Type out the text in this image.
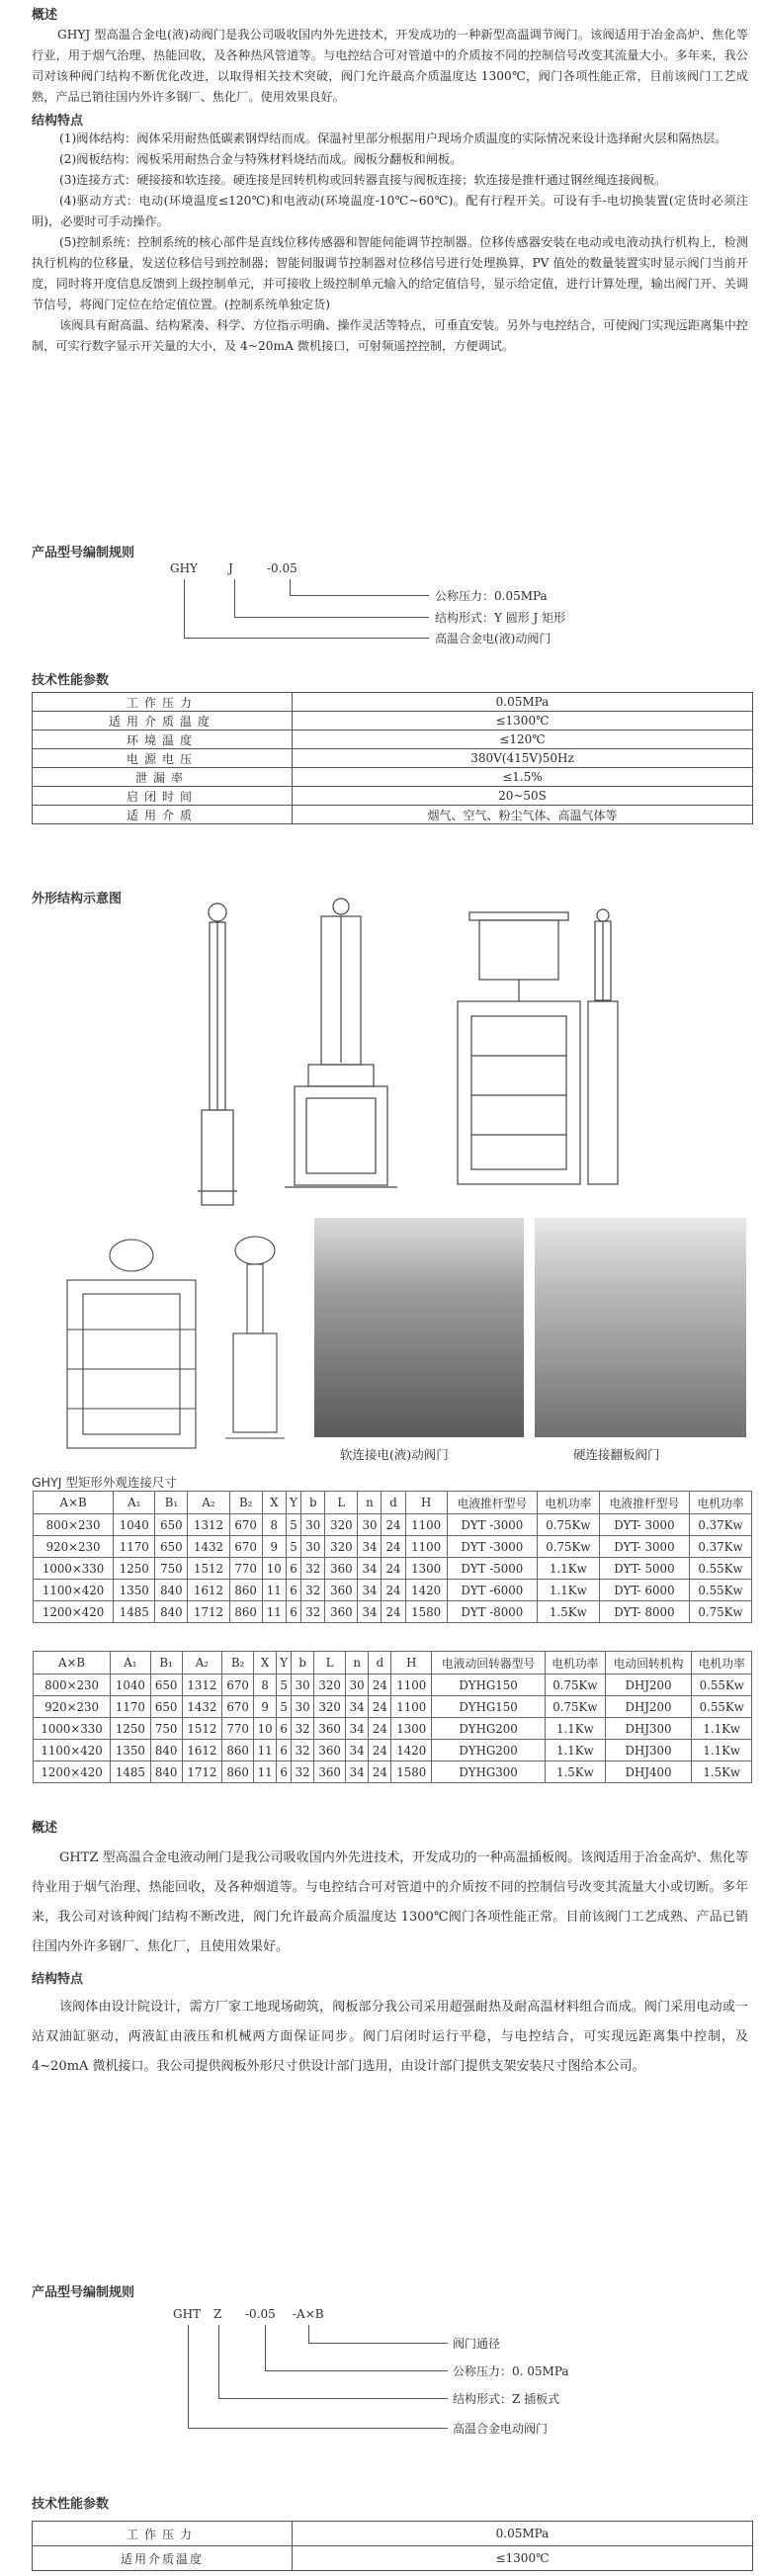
概述

GHYJ 型高温合金电(液)动阀门是我公司吸收国内外先进技术，开发成功的一种新型高温调节阀门。该阀适用于冶金高炉、焦化等行业，用于烟气治理、热能回收，及各种热风管道等。与电控结合可对管道中的介质按不同的控制信号改变其流量大小。多年来，我公司对该种阀门结构不断优化改进，以取得相关技术突破，阀门允许最高介质温度达 1300℃，阀门各项性能正常，目前该阀门工艺成熟，产品已销往国内外许多钢厂、焦化厂。使用效果良好。

结构特点

(1)阀体结构：阀体采用耐热低碳素钢焊结而成。保温衬里部分根据用户现场介质温度的实际情况来设计选择耐火层和隔热层。

(2)阀板结构：阀板采用耐热合金与特殊材料烧结而成。阀板分翻板和闸板。

(3)连接方式：硬接接和软连接。硬连接是回转机构或回转器直接与阀板连接；软连接是推杆通过钢丝绳连接阀板。

(4)驱动方式：电动(环境温度≤120℃)和电液动(环境温度-10℃~60℃)。配有行程开关。可设有手-电切换装置(定货时必须注明)，必要时可手动操作。

(5)控制系统：控制系统的核心部件是直线位移传感器和智能伺能调节控制器。位移传感器安装在电动或电液动执行机构上，检测执行机构的位移量，发送位移信号到控制器；智能伺服调节控制器对位移信号进行处理换算，PV 值处的数量装置实时显示阀门当前开度，同时将开度信息反馈到上级控制单元，并可接收上级控制单元输入的给定值信号，显示给定值，进行计算处理，输出阀门开、关调节信号，将阀门定位在给定值位置。(控制系统单独定货)

该阀具有耐高温、结构紧凑、科学、方位指示明确、操作灵活等特点，可垂直安装。另外与电控结合，可使阀门实现远距离集中控制，可实行数字显示开关量的大小，及 4~20mA 微机接口，可射频遥控控制，方便调试。

产品型号编制规则

GHY	J	-0.05
公称压力：0.05MPa
结构形式：Y 圆形 J 矩形
高温合金电(液)动阀门

技术性能参数

工作压力	0.05MPa
适用介质温度	≤1300℃
环境温度	≤120℃
电源电压	380V(415V)50Hz
泄漏率	≤1.5%
启闭时间	20~50S
适用介质	烟气、空气、粉尘气体、高温气体等

外形结构示意图

软连接电(液)动阀门	硬连接翻板阀门

GHYJ 型矩形外观连接尺寸

A×B	A₁	B₁	A₂	B₂	X	Y	b	L	n	d	H	电液推杆型号	电机功率	电液推杆型号	电机功率
800×230	1040	650	1312	670	8	5	30	320	30	24	1100	DYT -3000	0.75Kw	DYT- 3000	0.37Kw
920×230	1170	650	1432	670	9	5	30	320	34	24	1100	DYT -3000	0.75Kw	DYT- 3000	0.37Kw
1000×330	1250	750	1512	770	10	6	32	360	34	24	1300	DYT -5000	1.1Kw	DYT- 5000	0.55Kw
1100×420	1350	840	1612	860	11	6	32	360	34	24	1420	DYT -6000	1.1Kw	DYT- 6000	0.55Kw
1200×420	1485	840	1712	860	11	6	32	360	34	24	1580	DYT -8000	1.5Kw	DYT- 8000	0.75Kw
A×B	A₁	B₁	A₂	B₂	X	Y	b	L	n	d	H	电液动回转器型号	电机功率	电动回转机构	电机功率
800×230	1040	650	1312	670	8	5	30	320	30	24	1100	DYHG150	0.75Kw	DHJ200	0.55Kw
920×230	1170	650	1432	670	9	5	30	320	34	24	1100	DYHG150	0.75Kw	DHJ200	0.55Kw
1000×330	1250	750	1512	770	10	6	32	360	34	24	1300	DYHG200	1.1Kw	DHJ300	1.1Kw
1100×420	1350	840	1612	860	11	6	32	360	34	24	1420	DYHG200	1.1Kw	DHJ300	1.1Kw
1200×420	1485	840	1712	860	11	6	32	360	34	24	1580	DYHG300	1.5Kw	DHJ400	1.5Kw

概述

GHTZ 型高温合金电液动闸门是我公司吸收国内外先进技术，开发成功的一种高温插板阀。该阀适用于冶金高炉、焦化等待业用于烟气治理、热能回收，及各种烟道等。与电控结合可对管道中的介质按不同的控制信号改变其流量大小或切断。多年来，我公司对该种阀门结构不断改进，阀门允许最高介质温度达 1300℃阀门各项性能正常。目前该阀门工艺成熟、产品已销往国内外许多钢厂、焦化厂，且使用效果好。

结构特点

该阀体由设计院设计，需方厂家工地现场砌筑，阀板部分我公司采用超强耐热及耐高温材料组合而成。阀门采用电动或一站双油缸驱动，两液缸由液压和机械两方面保证同步。阀门启闭时运行平稳，与电控结合，可实现远距离集中控制，及 4~20mA 微机接口。我公司提供阀板外形尺寸供设计部门选用，由设计部门提供支架安装尺寸图给本公司。

产品型号编制规则

GHT Z -0.05 -A×B
阀门通径
公称压力：0. 05MPa
结构形式：Z 插板式
高温合金电动阀门

技术性能参数

工作压力	0.05MPa
适用介质温度	≤1300℃
